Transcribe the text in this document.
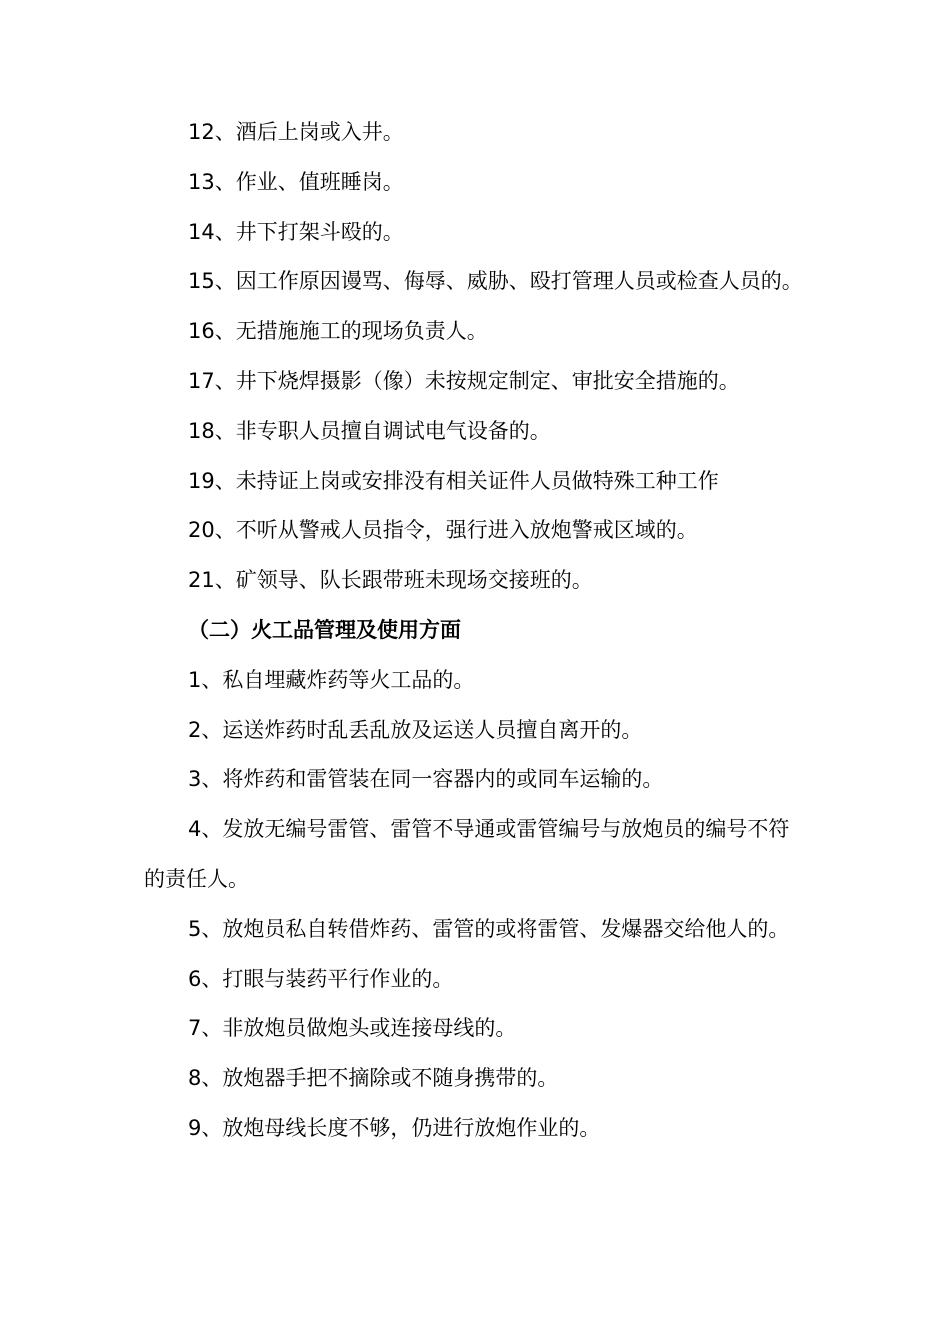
12、酒后上岗或入井。

13、作业、值班睡岗。

14、井下打架斗殴的。

15、因工作原因谩骂、侮辱、威胁、殴打管理人员或检查人员的。

16、无措施施工的现场负责人。

17、井下烧焊摄影（像）未按规定制定、审批安全措施的。

18、非专职人员擅自调试电气设备的。

19、未持证上岗或安排没有相关证件人员做特殊工种工作

20、不听从警戒人员指令，强行进入放炮警戒区域的。

21、矿领导、队长跟带班未现场交接班的。

（二）火工品管理及使用方面

1、私自埋藏炸药等火工品的。

2、运送炸药时乱丢乱放及运送人员擅自离开的。

3、将炸药和雷管装在同一容器内的或同车运输的。

4、发放无编号雷管、雷管不导通或雷管编号与放炮员的编号不符的责任人。

5、放炮员私自转借炸药、雷管的或将雷管、发爆器交给他人的。

6、打眼与装药平行作业的。

7、非放炮员做炮头或连接母线的。

8、放炮器手把不摘除或不随身携带的。

9、放炮母线长度不够，仍进行放炮作业的。
